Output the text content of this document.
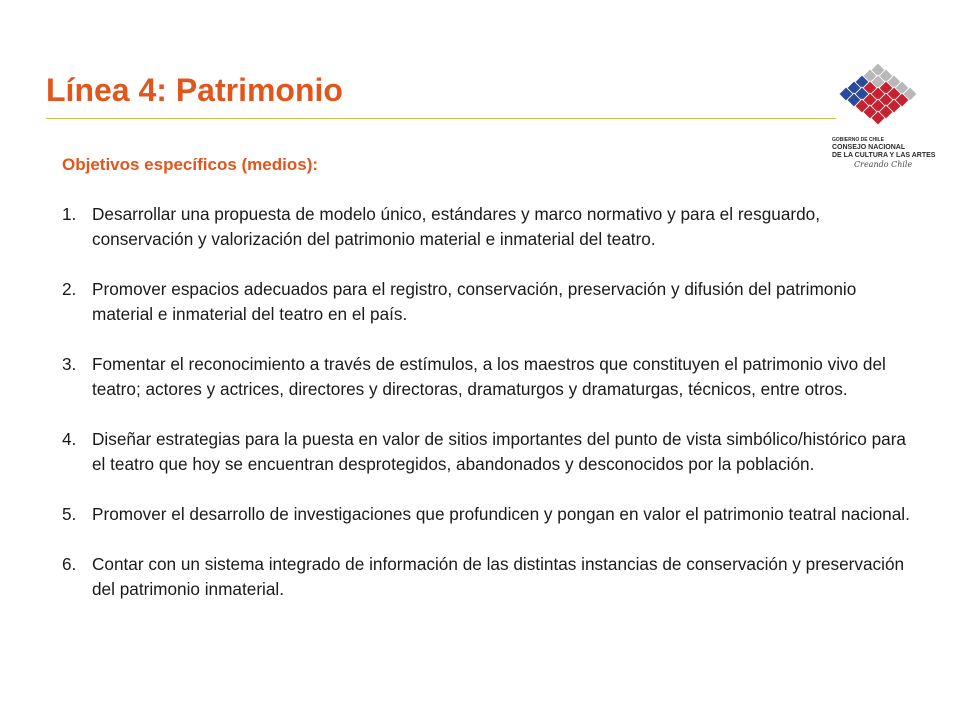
Línea 4: Patrimonio
GOBIERNO DE CHILE
CONSEJO NACIONAL
DE LA CULTURA Y LAS ARTES
Creando Chile
Objetivos específicos (medios):
1. Desarrollar una propuesta de modelo único, estándares y marco normativo y para el resguardo, conservación y valorización del patrimonio material e inmaterial del teatro.
2. Promover espacios adecuados para el registro, conservación, preservación y difusión del patrimonio material e inmaterial del teatro en el país.
3. Fomentar el reconocimiento a través de estímulos, a los maestros que constituyen el patrimonio vivo del teatro; actores y actrices, directores y directoras, dramaturgos y dramaturgas, técnicos, entre otros.
4. Diseñar estrategias para la puesta en valor de sitios importantes del punto de vista simbólico/histórico para el teatro que hoy se encuentran desprotegidos, abandonados y desconocidos por la población.
5. Promover el desarrollo de investigaciones que profundicen y pongan en valor el patrimonio teatral nacional.
6. Contar con un sistema integrado de información de las distintas instancias de conservación y preservación del patrimonio inmaterial.
